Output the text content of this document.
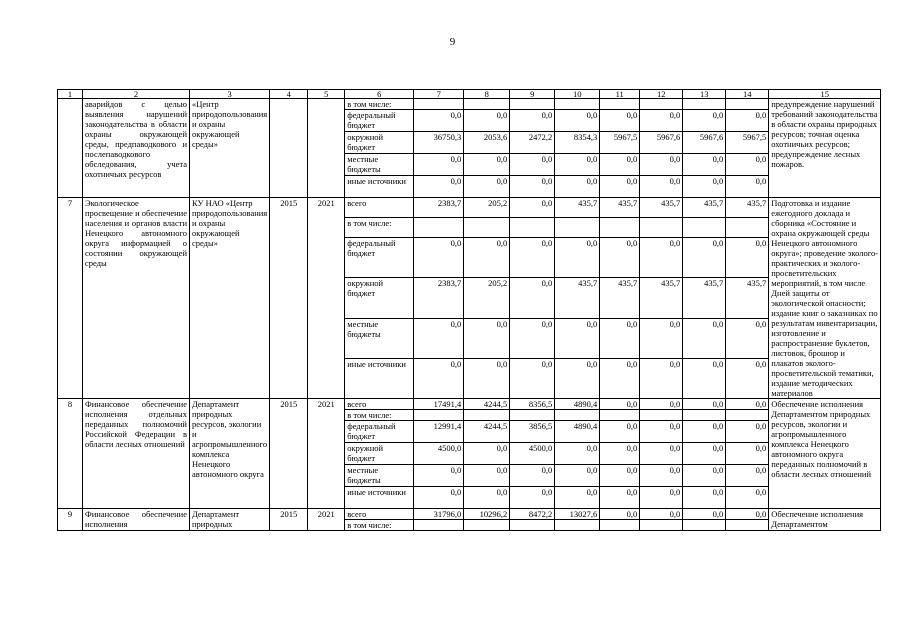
9
1	2	3	4	5	6	7	8	9	10	11	12	13	14	15
	аварийдов с целью выявления нарушений законодательства в области охраны окружающей среды, предпаводкового и послепаводкового обследования, учета охотничьих ресурсов	«Центр природопользования и охраны окружающей среды»			в том числе:									предупреждение нарушений требований законодательства в области охраны природных ресурсов; точная оценка охотничьих ресурсов; предупреждение лесных пожаров.
					федеральный бюджет	0,0	0,0	0,0	0,0	0,0	0,0	0,0	0,0	
					окружной бюджет	36750,3	2053,6	2472,2	8354,3	5967,5	5967,6	5967,6	5967,5	
					местные бюджеты	0,0	0,0	0,0	0,0	0,0	0,0	0,0	0,0	
					иные источники	0,0	0,0	0,0	0,0	0,0	0,0	0,0	0,0	
7	Экологическое просвещение и обеспечение населения и органов власти Ненецкого автономного округа информацией о состоянии окружающей среды	КУ НАО «Центр природопользования и охраны окружающей среды»	2015	2021	всего	2383,7	205,2	0,0	435,7	435,7	435,7	435,7	435,7	Подготовка и издание ежегодного доклада и сборника «Состояние и охрана окружающей среды Ненецкого автономного округа»; проведение эколого-практических и эколого-просветительских мероприятий, в том числе Дней защиты от экологической опасности; издание книг о заказниках по результатам инвентаризации, изготовление и распространение буклетов, листовок, брошюр и плакатов эколого-просветительской тематики, издание методических материалов
					в том числе:									
					федеральный бюджет	0,0	0,0	0,0	0,0	0,0	0,0	0,0	0,0	
					окружной бюджет	2383,7	205,2	0,0	435,7	435,7	435,7	435,7	435,7	
					местные бюджеты	0,0	0,0	0,0	0,0	0,0	0,0	0,0	0,0	
					иные источники	0,0	0,0	0,0	0,0	0,0	0,0	0,0	0,0	
8	Финансовое обеспечение исполнения отдельных переданных полномочий Российской Федерации в области лесных отношений	Департамент природных ресурсов, экологии и агропромышленного комплекса Ненецкого автономного округа	2015	2021	всего	17491,4	4244,5	8356,5	4890,4	0,0	0,0	0,0	0,0	Обеспечение исполнения Департаментом природных ресурсов, экологии и агропромышленного комплекса Ненецкого автономного округа переданных полномочий в области лесных отношений
					в том числе:									
					федеральный бюджет	12991,4	4244,5	3856,5	4890,4	0,0	0,0	0,0	0,0	
					окружной бюджет	4500,0	0,0	4500,0	0,0	0,0	0,0	0,0	0,0	
					местные бюджеты	0,0	0,0	0,0	0,0	0,0	0,0	0,0	0,0	
					иные источники	0,0	0,0	0,0	0,0	0,0	0,0	0,0	0,0	
9	Финансовое обеспечение исполнения	Департамент природных	2015	2021	всего	31796,0	10296,2	8472,2	13027,6	0,0	0,0	0,0	0,0	Обеспечение исполнения Департаментом
					в том числе:									
